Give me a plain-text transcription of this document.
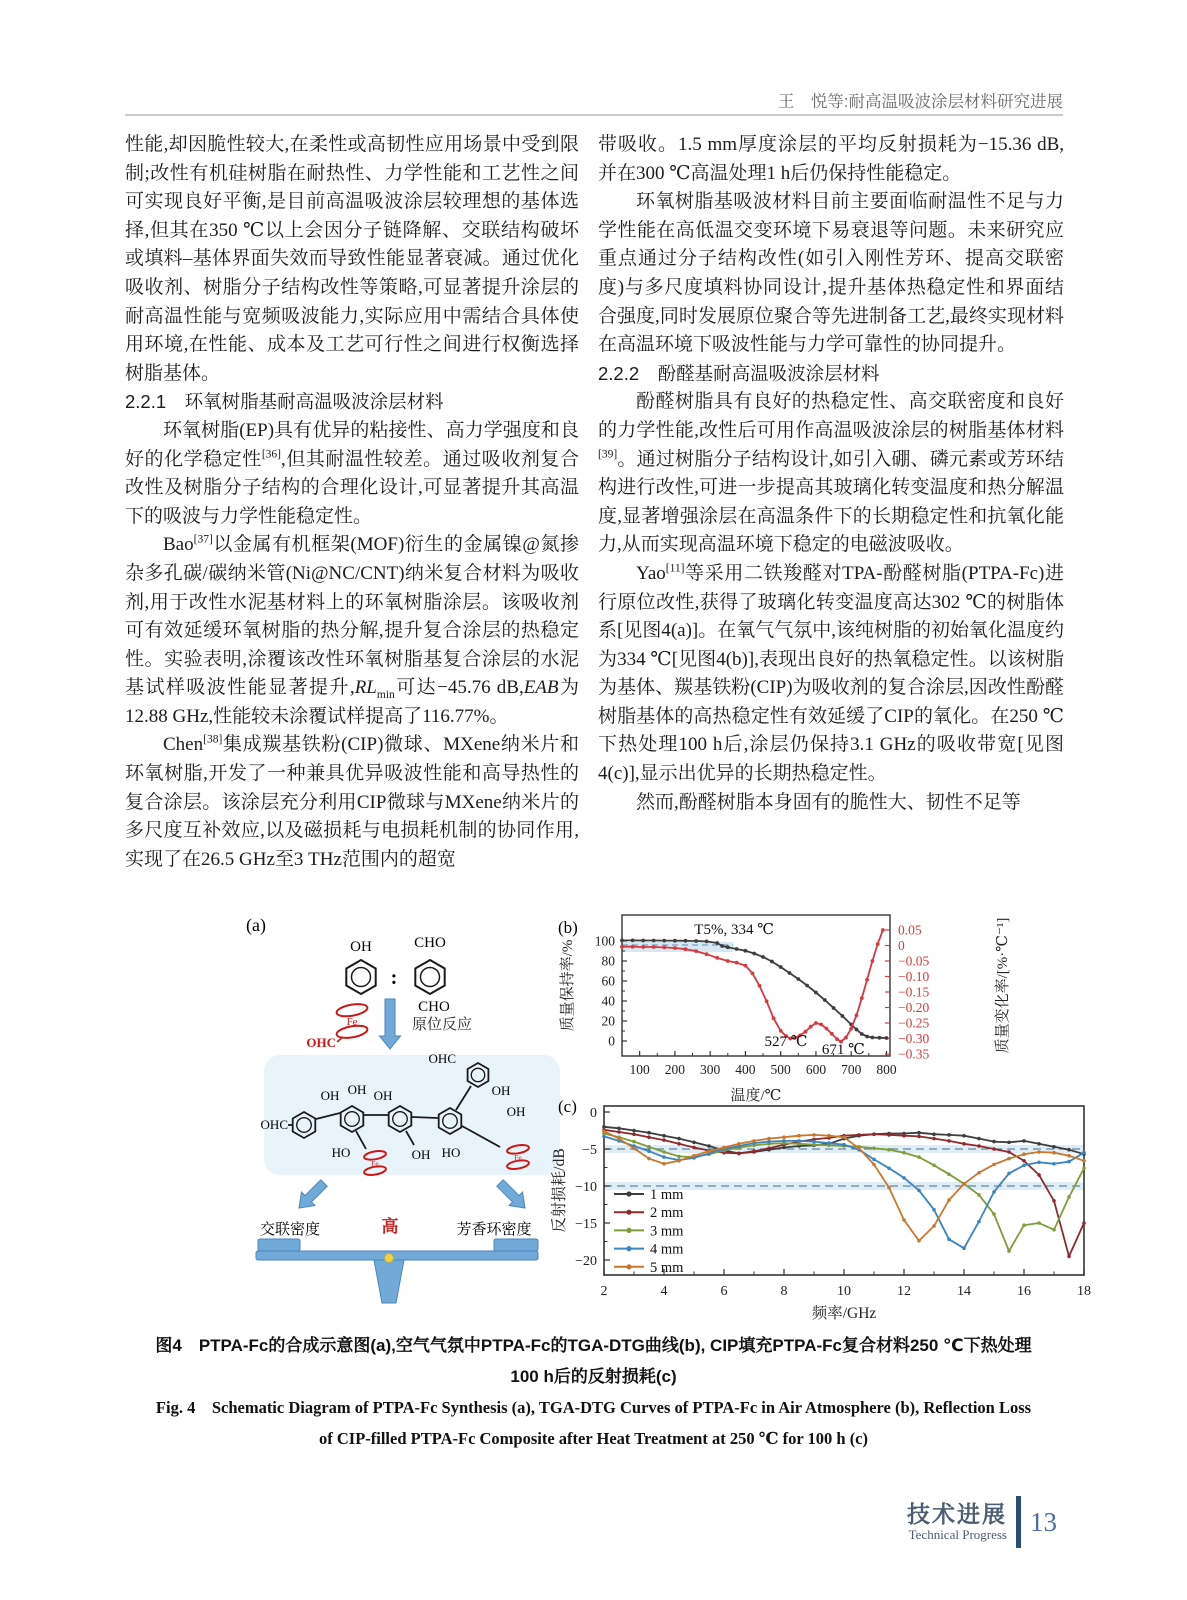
王　悦等:耐高温吸波涂层材料研究进展

性能,却因脆性较大,在柔性或高韧性应用场景中受到限制;改性有机硅树脂在耐热性、力学性能和工艺性之间可实现良好平衡,是目前高温吸波涂层较理想的基体选择,但其在350 ℃以上会因分子链降解、交联结构破坏或填料–基体界面失效而导致性能显著衰减。通过优化吸收剂、树脂分子结构改性等策略,可显著提升涂层的耐高温性能与宽频吸波能力,实际应用中需结合具体使用环境,在性能、成本及工艺可行性之间进行权衡选择树脂基体。

2.2.1　环氧树脂基耐高温吸波涂层材料

环氧树脂(EP)具有优异的粘接性、高力学强度和良好的化学稳定性[36],但其耐温性较差。通过吸收剂复合改性及树脂分子结构的合理化设计,可显著提升其高温下的吸波与力学性能稳定性。

Bao[37]以金属有机框架(MOF)衍生的金属镍@氮掺杂多孔碳/碳纳米管(Ni@NC/CNT)纳米复合材料为吸收剂,用于改性水泥基材料上的环氧树脂涂层。该吸收剂可有效延缓环氧树脂的热分解,提升复合涂层的热稳定性。实验表明,涂覆该改性环氧树脂基复合涂层的水泥基试样吸波性能显著提升$,RL_{min}$可达−45.76 dB,EAB为12.88 GHz,性能较未涂覆试样提高了116.77%。

Chen[38]集成羰基铁粉(CIP)微球、MXene纳米片和环氧树脂,开发了一种兼具优异吸波性能和高导热性的复合涂层。该涂层充分利用CIP微球与MXene纳米片的多尺度互补效应,以及磁损耗与电损耗机制的协同作用,实现了在26.5 GHz至3 THz范围内的超宽

带吸收。1.5 mm厚度涂层的平均反射损耗为−15.36 dB,并在300 ℃高温处理1 h后仍保持性能稳定。

环氧树脂基吸波材料目前主要面临耐温性不足与力学性能在高低温交变环境下易衰退等问题。未来研究应重点通过分子结构改性(如引入刚性芳环、提高交联密度)与多尺度填料协同设计,提升基体热稳定性和界面结合强度,同时发展原位聚合等先进制备工艺,最终实现材料在高温环境下吸波性能与力学可靠性的协同提升。

2.2.2　酚醛基耐高温吸波涂层材料

酚醛树脂具有良好的热稳定性、高交联密度和良好的力学性能,改性后可用作高温吸波涂层的树脂基体材料[39]。通过树脂分子结构设计,如引入硼、磷元素或芳环结构进行改性,可进一步提高其玻璃化转变温度和热分解温度,显著增强涂层在高温条件下的长期稳定性和抗氧化能力,从而实现高温环境下稳定的电磁波吸收。

Yao[11]等采用二铁羧醛对TPA-酚醛树脂(PTPA-Fc)进行原位改性,获得了玻璃化转变温度高达302 ℃的树脂体系[见图4(a)]。在氧气气氛中,该纯树脂的初始氧化温度约为334 ℃[见图4(b)],表现出良好的热氧稳定性。以该树脂为基体、羰基铁粉(CIP)为吸收剂的复合涂层,因改性酚醛树脂基体的高热稳定性有效延缓了CIP的氧化。在250 ℃下热处理100 h后,涂层仍保持3.1 GHz的吸收带宽[见图4(c)],显示出优异的长期热稳定性。

然而,酚醛树脂本身固有的脆性大、韧性不足等

(a)
OH
:
CHO
CHO
Fe
OHC
原位反应
OHC
OH OH OH
OHC
OH
OH
HO	OH HO
Fe
Fe
交联密度	高	芳香环密度
(b)
0
20
40
60
80
100
100 200 300 400 500 600 700 800
0.05
0
−0.05
−0.10
−0.15
−0.20
−0.25
−0.30
−0.35
T5%, 334 ℃
527 ℃ 671 ℃
质量保持率/%
温度/℃
质量变化率/[%·℃⁻¹]
(c) 0
−5
−10
−15
−20
2	4	6	8	10	12	14	16	18
1 mm
2 mm
3 mm
4 mm
5 mm
反射损耗/dB
频率/GHz
图4　PTPA-Fc的合成示意图(a),空气气氛中PTPA-Fc的TGA-DTG曲线(b), CIP填充PTPA-Fc复合材料250 ℃下热处理
100 h后的反射损耗(c)
Fig. 4　Schematic Diagram of PTPA-Fc Synthesis (a), TGA-DTG Curves of PTPA-Fc in Air Atmosphere (b), Reflection Loss
of CIP-filled PTPA-Fc Composite after Heat Treatment at 250 ℃ for 100 h (c)
技术进展
Technical Progress 13
